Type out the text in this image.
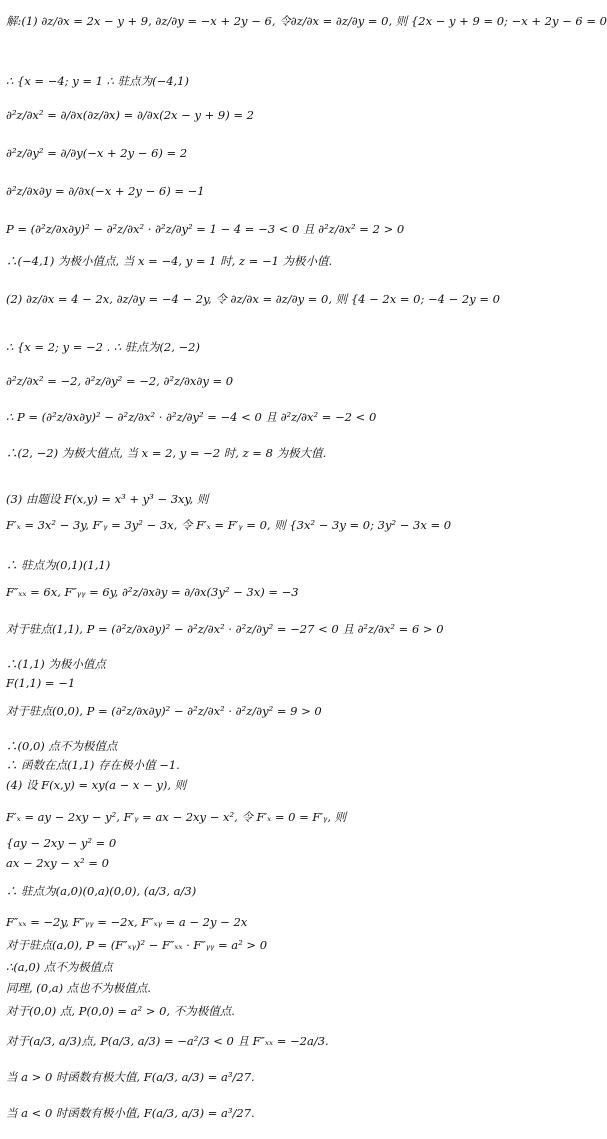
解:(1) ∂z/∂x = 2x − y + 9, ∂z/∂y = −x + 2y − 6, 令∂z/∂x = ∂z/∂y = 0, 则 {2x − y + 9 = 0; −x + 2y − 6 = 0
∴ {x = −4; y = 1 ∴ 驻点为(−4,1)
∂²z/∂x² = ∂/∂x(∂z/∂x) = ∂/∂x(2x − y + 9) = 2
∂²z/∂y² = ∂/∂y(−x + 2y − 6) = 2
∂²z/∂x∂y = ∂/∂x(−x + 2y − 6) = −1
P = (∂²z/∂x∂y)² − ∂²z/∂x² · ∂²z/∂y² = 1 − 4 = −3 < 0 且 ∂²z/∂x² = 2 > 0
∴(−4,1) 为极小值点, 当 x = −4, y = 1 时, z = −1 为极小值.
(2) ∂z/∂x = 4 − 2x, ∂z/∂y = −4 − 2y, 令 ∂z/∂x = ∂z/∂y = 0, 则 {4 − 2x = 0; −4 − 2y = 0
∴ {x = 2; y = −2 . ∴ 驻点为(2, −2)
∂²z/∂x² = −2, ∂²z/∂y² = −2, ∂²z/∂x∂y = 0
∴ P = (∂²z/∂x∂y)² − ∂²z/∂x² · ∂²z/∂y² = −4 < 0 且 ∂²z/∂x² = −2 < 0
∴(2, −2) 为极大值点, 当 x = 2, y = −2 时, z = 8 为极大值.
(3) 由题设 F(x,y) = x³ + y³ − 3xy, 则
F′ₓ = 3x² − 3y, F′ᵧ = 3y² − 3x, 令 F′ₓ = F′ᵧ = 0, 则 {3x² − 3y = 0; 3y² − 3x = 0
∴ 驻点为(0,1)(1,1)
F″ₓₓ = 6x, F″ᵧᵧ = 6y, ∂²z/∂x∂y = ∂/∂x(3y² − 3x) = −3
对于驻点(1,1), P = (∂²z/∂x∂y)² − ∂²z/∂x² · ∂²z/∂y² = −27 < 0 且 ∂²z/∂x² = 6 > 0
∴(1,1) 为极小值点
F(1,1) = −1
对于驻点(0,0), P = (∂²z/∂x∂y)² − ∂²z/∂x² · ∂²z/∂y² = 9 > 0
∴(0,0) 点不为极值点
∴ 函数在点(1,1) 存在极小值 −1.
(4) 设 F(x,y) = xy(a − x − y), 则
F′ₓ = ay − 2xy − y², F′ᵧ = ax − 2xy − x², 令 F′ₓ = 0 = F′ᵧ, 则
{ay − 2xy − y² = 0
ax − 2xy − x² = 0
∴ 驻点为(a,0)(0,a)(0,0), (a/3, a/3)
F″ₓₓ = −2y, F″ᵧᵧ = −2x, F″ₓᵧ = a − 2y − 2x
对于驻点(a,0), P = (F″ₓᵧ)² − F″ₓₓ · F″ᵧᵧ = a² > 0
∴(a,0) 点不为极值点
同理, (0,a) 点也不为极值点.
对于(0,0) 点, P(0,0) = a² > 0, 不为极值点.
对于(a/3, a/3)点, P(a/3, a/3) = −a²/3 < 0 且 F″ₓₓ = −2a/3.
当 a > 0 时函数有极大值, F(a/3, a/3) = a³/27.
当 a < 0 时函数有极小值, F(a/3, a/3) = a³/27.
